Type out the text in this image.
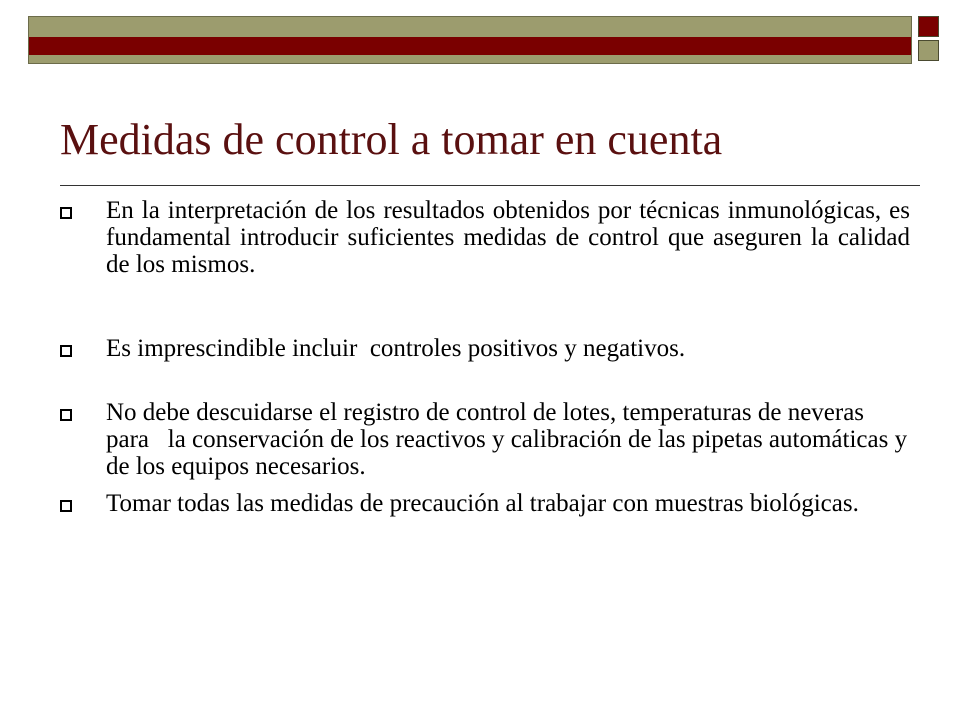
Medidas de control a tomar en cuenta
En la interpretación de los resultados obtenidos por técnicas inmunológicas, es fundamental introducir suficientes medidas de control que aseguren la calidad de los mismos.
Es imprescindible incluir  controles positivos y negativos.
No debe descuidarse el registro de control de lotes, temperaturas de neveras para   la conservación de los reactivos y calibración de las pipetas automáticas y de los equipos necesarios.
Tomar todas las medidas de precaución al trabajar con muestras biológicas.
